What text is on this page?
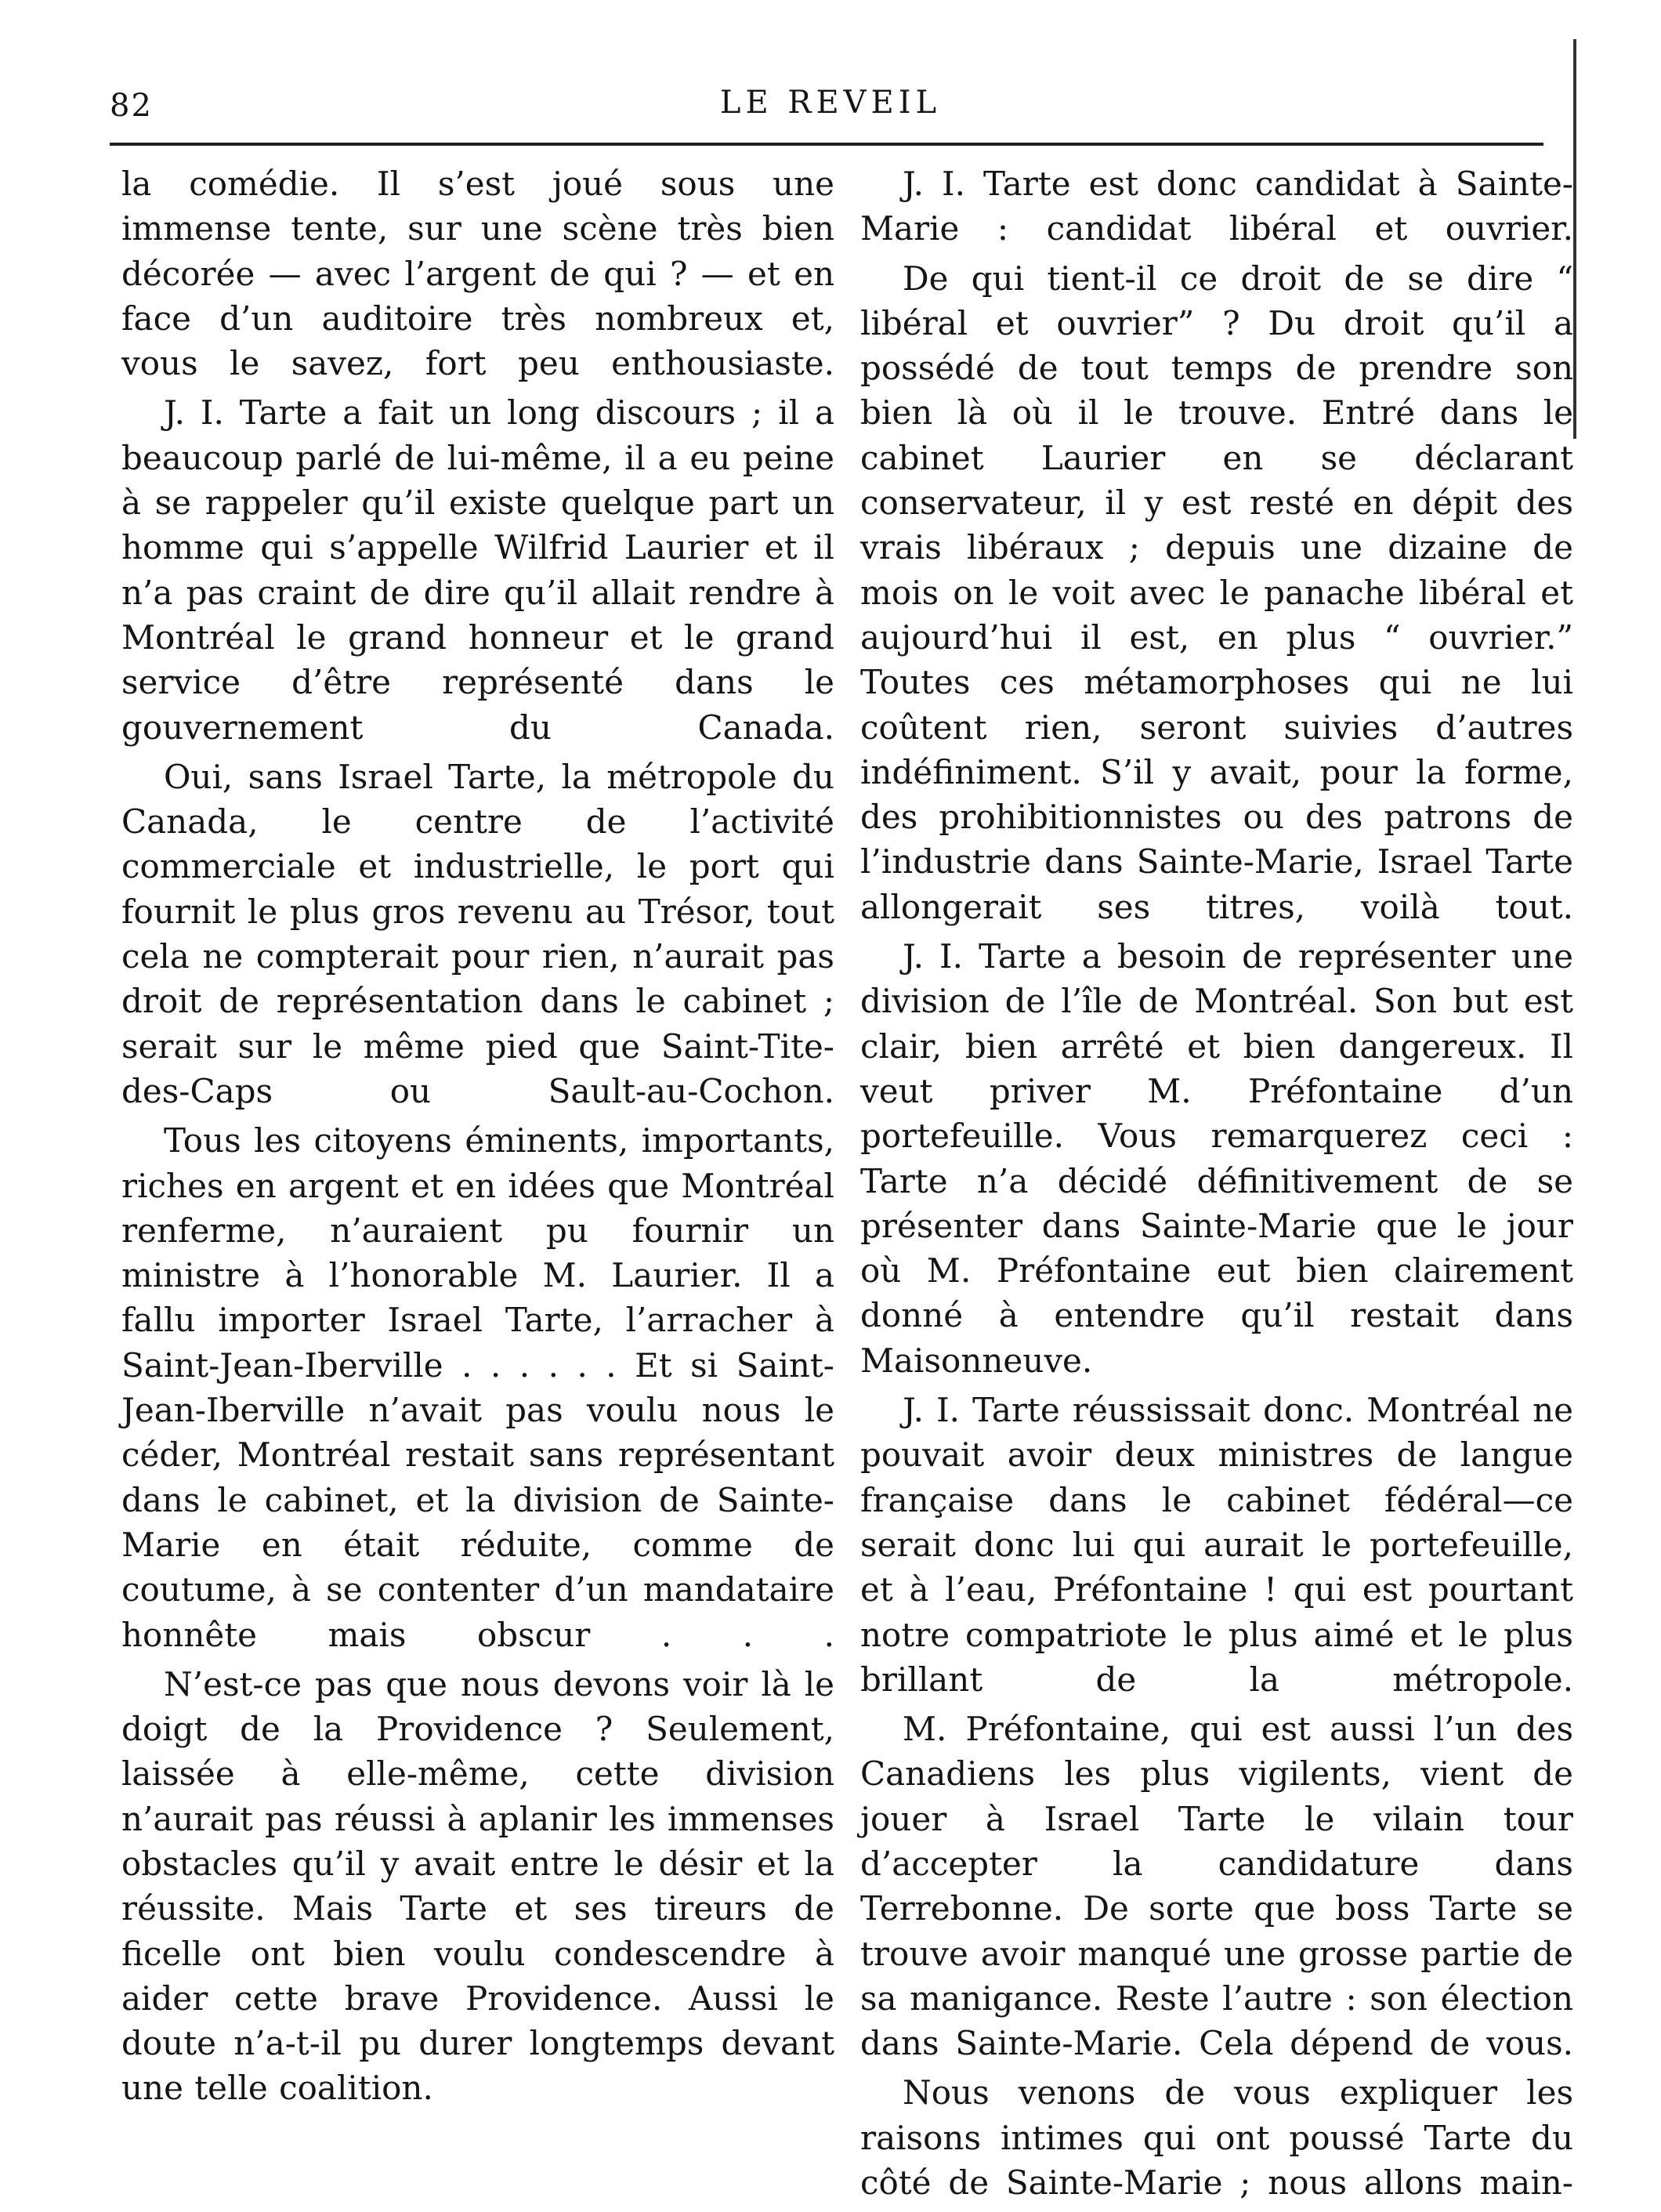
82	LE REVEIL

la comédie. Il s’est joué sous une immense tente, sur une scène très bien décorée — avec l’argent de qui ? — et en face d’un auditoire très nombreux et, vous le savez, fort peu enthousiaste.

J. I. Tarte a fait un long discours ; il a beaucoup parlé de lui-même, il a eu peine à se rappeler qu’il existe quelque part un homme qui s’appelle Wilfrid Laurier et il n’a pas craint de dire qu’il allait rendre à Montréal le grand honneur et le grand service d’être représenté dans le gouvernement du Canada.

Oui, sans Israel Tarte, la métropole du Canada, le centre de l’activité commerciale et industrielle, le port qui fournit le plus gros revenu au Trésor, tout cela ne compterait pour rien, n’aurait pas droit de représentation dans le cabinet ; serait sur le même pied que Saint-Tite-des-Caps ou Sault-au-Cochon.

Tous les citoyens éminents, importants, riches en argent et en idées que Montréal renferme, n’auraient pu fournir un ministre à l’honorable M. Laurier. Il a fallu importer Israel Tarte, l’arracher à Saint-Jean-Iberville . . . . . . Et si Saint-Jean-Iberville n’avait pas voulu nous le céder, Montréal restait sans représentant dans le cabinet, et la division de Sainte-Marie en était réduite, comme de coutume, à se contenter d’un mandataire honnête mais obscur . . .

N’est-ce pas que nous devons voir là le doigt de la Providence ? Seulement, laissée à elle-même, cette division n’aurait pas réussi à aplanir les immenses obstacles qu’il y avait entre le désir et la réussite. Mais Tarte et ses tireurs de ficelle ont bien voulu condescendre à aider cette brave Providence. Aussi le doute n’a-t-il pu durer longtemps devant une telle coalition.

J. I. Tarte est donc candidat à Sainte-Marie : candidat libéral et ouvrier.

De qui tient-il ce droit de se dire “ libéral et ouvrier” ? Du droit qu’il a possédé de tout temps de prendre son bien là où il le trouve. Entré dans le cabinet Laurier en se déclarant conservateur, il y est resté en dépit des vrais libéraux ; depuis une dizaine de mois on le voit avec le panache libéral et aujourd’hui il est, en plus “ ouvrier.” Toutes ces métamorphoses qui ne lui coûtent rien, seront suivies d’autres indéfiniment. S’il y avait, pour la forme, des prohibitionnistes ou des patrons de l’industrie dans Sainte-Marie, Israel Tarte allongerait ses titres, voilà tout.

J. I. Tarte a besoin de représenter une division de l’île de Montréal. Son but est clair, bien arrêté et bien dangereux. Il veut priver M. Préfontaine d’un portefeuille. Vous remarquerez ceci : Tarte n’a décidé définitivement de se présenter dans Sainte-Marie que le jour où M. Préfontaine eut bien clairement donné à entendre qu’il restait dans Maisonneuve.

J. I. Tarte réussissait donc. Montréal ne pouvait avoir deux ministres de langue française dans le cabinet fédéral—ce serait donc lui qui aurait le portefeuille, et à l’eau, Préfontaine ! qui est pourtant notre compatriote le plus aimé et le plus brillant de la métropole.

M. Préfontaine, qui est aussi l’un des Canadiens les plus vigilents, vient de jouer à Israel Tarte le vilain tour d’accepter la candidature dans Terrebonne. De sorte que boss Tarte se trouve avoir manqué une grosse partie de sa manigance. Reste l’autre : son élection dans Sainte-Marie. Cela dépend de vous.

Nous venons de vous expliquer les raisons intimes qui ont poussé Tarte du côté de Sainte-Marie ; nous allons main-
